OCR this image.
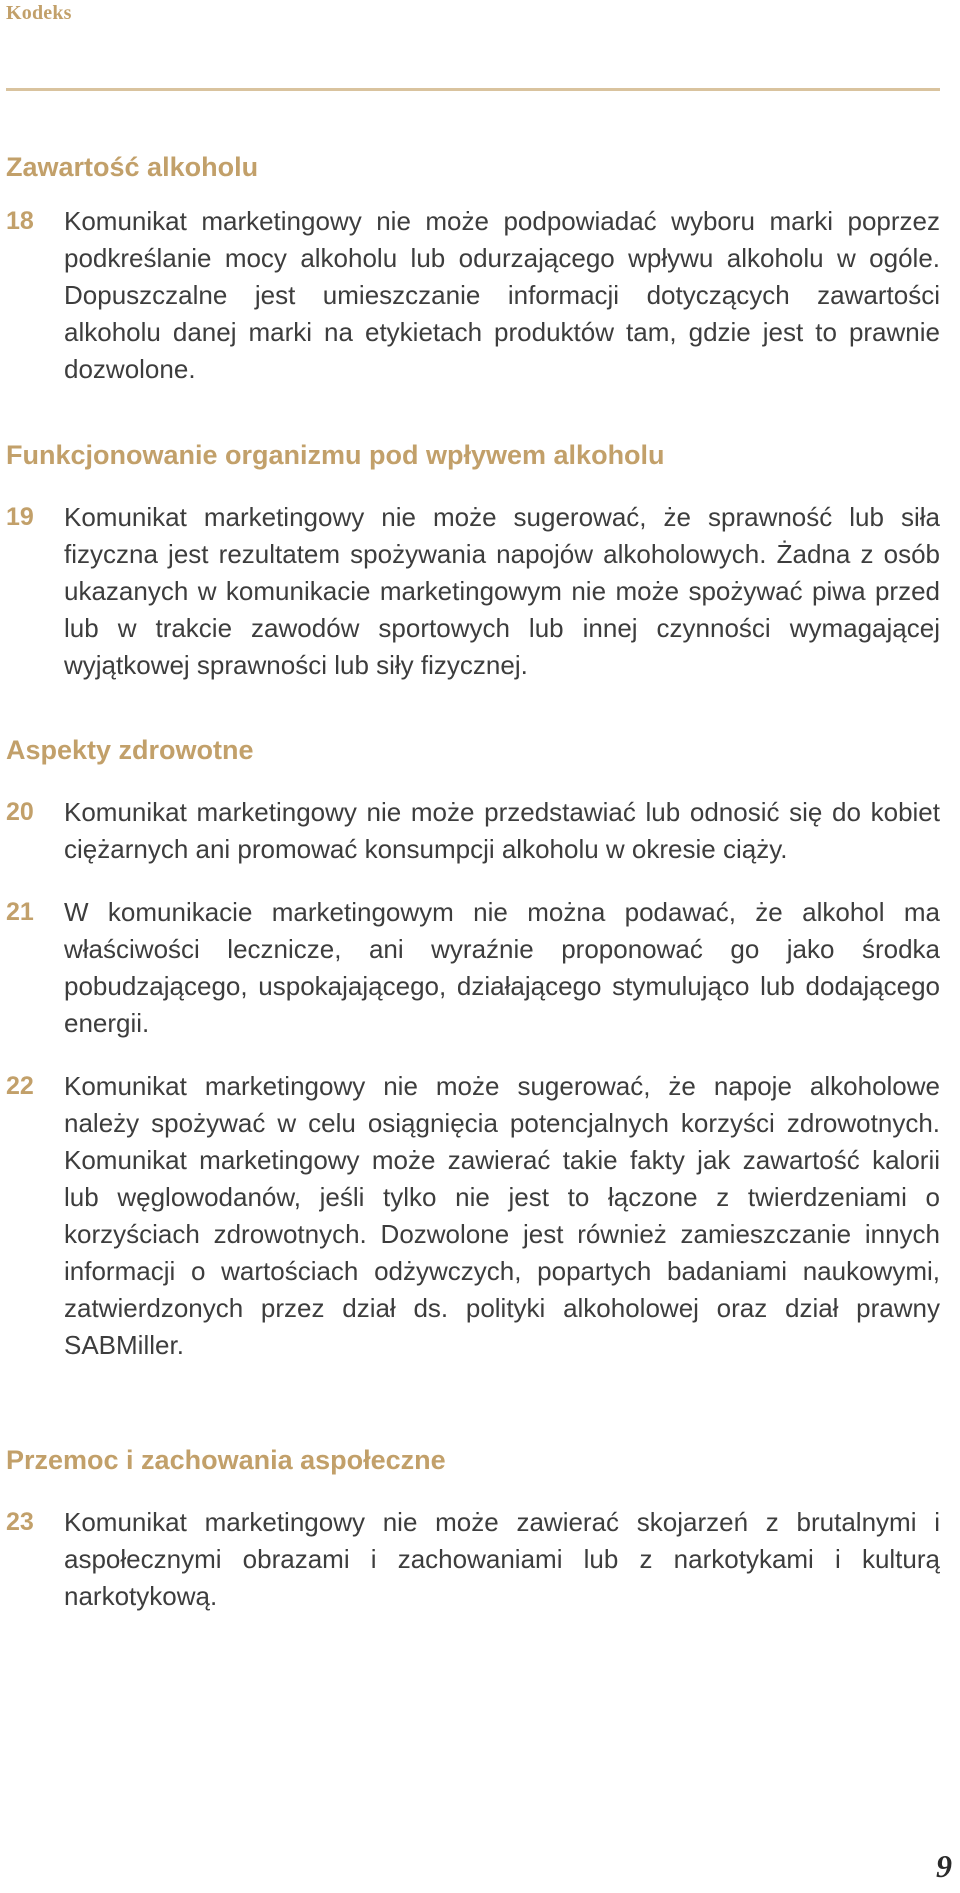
Kodeks
Zawartość alkoholu
18	Komunikat marketingowy nie może podpowiadać wyboru marki poprzez podkreślanie mocy alkoholu lub odurzającego wpływu alkoholu w ogóle. Dopuszczalne jest umieszczanie informacji dotyczących zawartości alkoholu danej marki na etykietach produktów tam, gdzie jest to prawnie dozwolone.
Funkcjonowanie organizmu pod wpływem alkoholu
19	Komunikat marketingowy nie może sugerować, że sprawność lub siła fizyczna jest rezultatem spożywania napojów alkoholowych. Żadna z osób ukazanych w komunikacie marketingowym nie może spożywać piwa przed lub w trakcie zawodów sportowych lub innej czynności wymagającej wyjątkowej sprawności lub siły fizycznej.
Aspekty zdrowotne
20	Komunikat marketingowy nie może przedstawiać lub odnosić się do kobiet ciężarnych ani promować konsumpcji alkoholu w okresie ciąży.
21	W komunikacie marketingowym nie można podawać, że alkohol ma właściwości lecznicze, ani wyraźnie proponować go jako środka pobudzającego, uspokajającego, działającego stymulująco lub dodającego energii.
22	Komunikat marketingowy nie może sugerować, że napoje alkoholowe należy spożywać w celu osiągnięcia potencjalnych korzyści zdrowotnych. Komunikat marketingowy może zawierać takie fakty jak zawartość kalorii lub węglowodanów, jeśli tylko nie jest to łączone z twierdzeniami o korzyściach zdrowotnych. Dozwolone jest również zamieszczanie innych informacji o wartościach odżywczych, popartych badaniami naukowymi, zatwierdzonych przez dział ds. polityki alkoholowej oraz dział prawny SABMiller.
Przemoc i zachowania aspołeczne
23	Komunikat marketingowy nie może zawierać skojarzeń z brutalnymi i aspołecznymi obrazami i zachowaniami lub z narkotykami i kulturą narkotykową.
9
